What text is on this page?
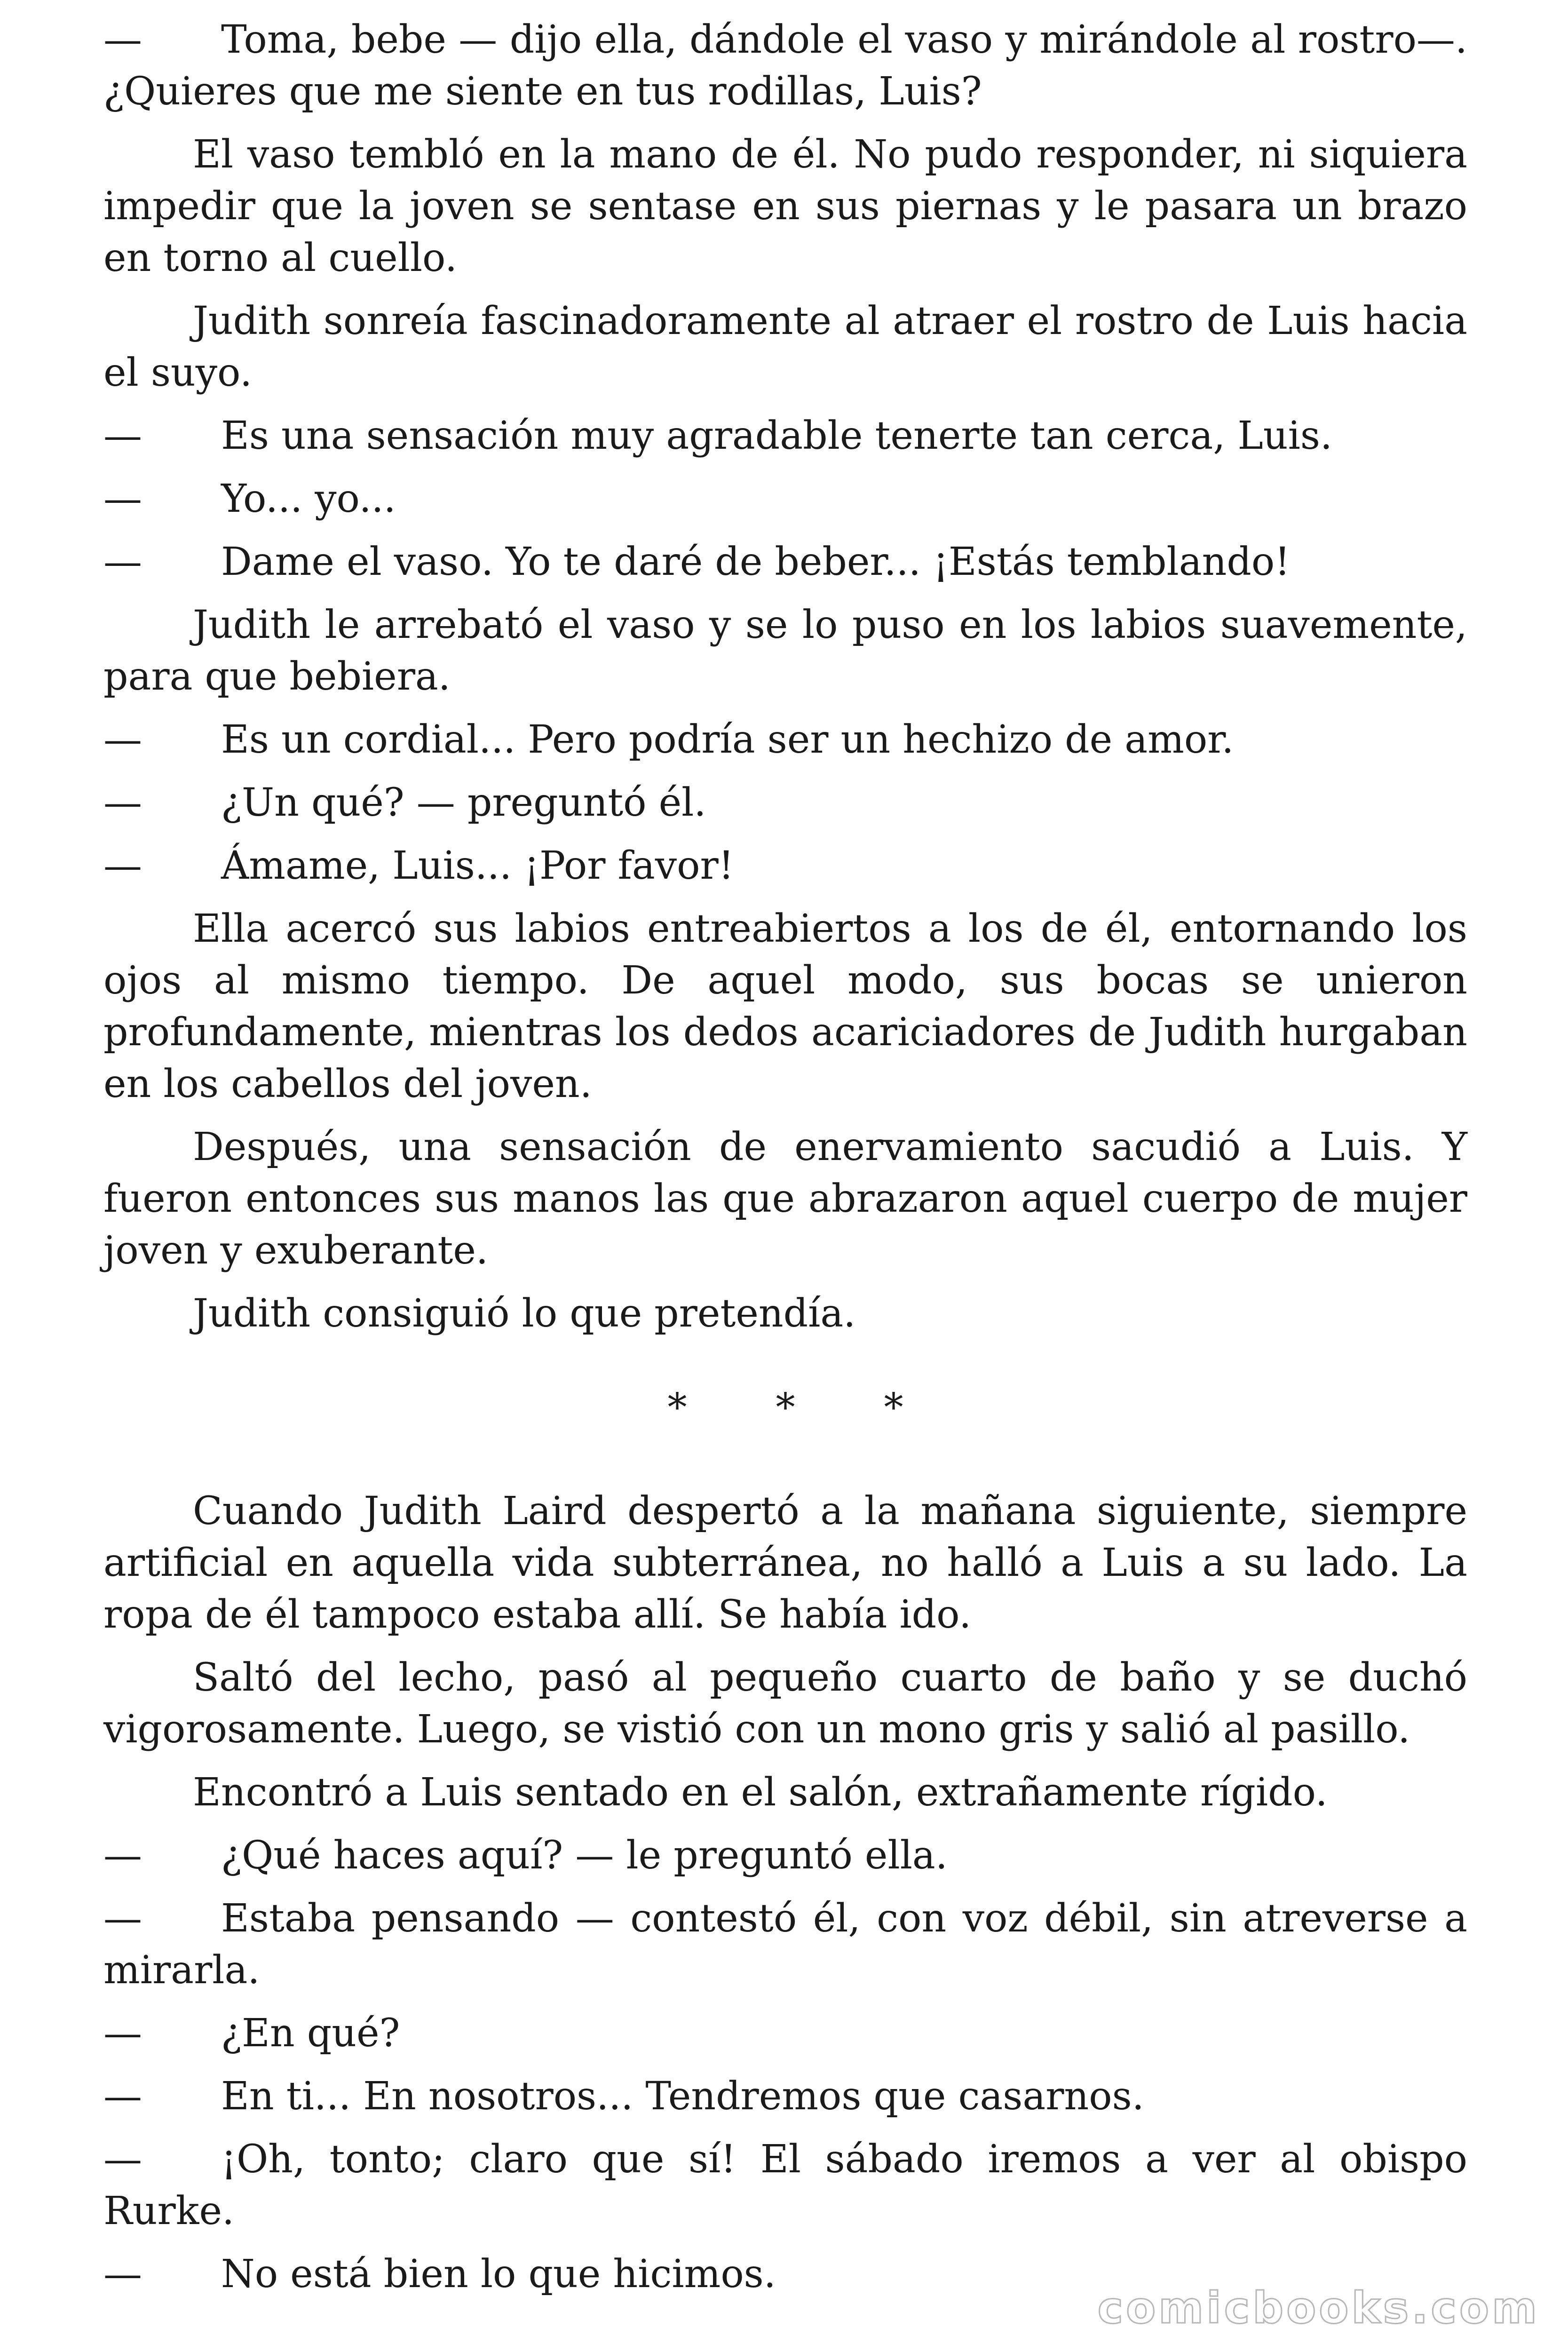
— Toma, bebe — dijo ella, dándole el vaso y mirándole al rostro—. ¿Quieres que me siente en tus rodillas, Luis?

El vaso tembló en la mano de él. No pudo responder, ni siquiera impedir que la joven se sentase en sus piernas y le pasara un brazo en torno al cuello.

Judith sonreía fascinadoramente al atraer el rostro de Luis hacia el suyo.

— Es una sensación muy agradable tenerte tan cerca, Luis.

— Yo... yo...

— Dame el vaso. Yo te daré de beber... ¡Estás temblando!

Judith le arrebató el vaso y se lo puso en los labios suavemente, para que bebiera.

— Es un cordial... Pero podría ser un hechizo de amor.

— ¿Un qué? — preguntó él.

— Ámame, Luis... ¡Por favor!

Ella acercó sus labios entreabiertos a los de él, entornando los ojos al mismo tiempo. De aquel modo, sus bocas se unieron profundamente, mientras los dedos acariciadores de Judith hurgaban en los cabellos del joven.

Después, una sensación de enervamiento sacudió a Luis. Y fueron entonces sus manos las que abrazaron aquel cuerpo de mujer joven y exuberante.

Judith consiguió lo que pretendía.

* * *

Cuando Judith Laird despertó a la mañana siguiente, siempre artificial en aquella vida subterránea, no halló a Luis a su lado. La ropa de él tampoco estaba allí. Se había ido.

Saltó del lecho, pasó al pequeño cuarto de baño y se duchó vigorosamente. Luego, se vistió con un mono gris y salió al pasillo.

Encontró a Luis sentado en el salón, extrañamente rígido.

— ¿Qué haces aquí? — le preguntó ella.

— Estaba pensando — contestó él, con voz débil, sin atreverse a mirarla.

— ¿En qué?

— En ti... En nosotros... Tendremos que casarnos.

— ¡Oh, tonto; claro que sí! El sábado iremos a ver al obispo Rurke.

— No está bien lo que hicimos.

comicbooks.com
